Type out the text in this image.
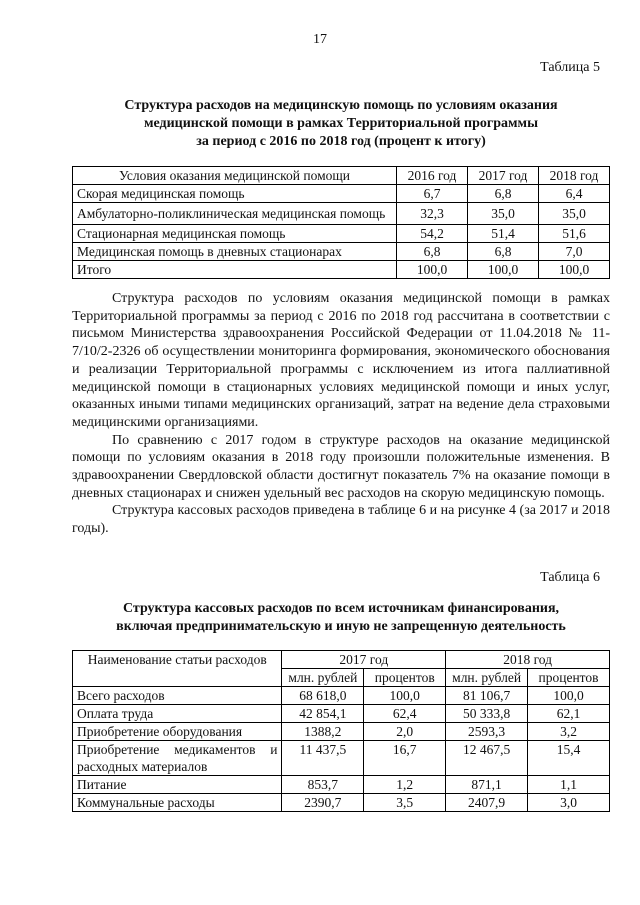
17
Таблица 5
Структура расходов на медицинскую помощь по условиям оказания
медицинской помощи в рамках Территориальной программы
за период с 2016 по 2018 год (процент к итогу)
Условия оказания медицинской помощи	2016 год	2017 год	2018 год
Скорая медицинская помощь	6,7	6,8	6,4
Амбулаторно-поликлиническая медицинская помощь	32,3	35,0	35,0
Стационарная медицинская помощь	54,2	51,4	51,6
Медицинская помощь в дневных стационарах	6,8	6,8	7,0
Итого	100,0	100,0	100,0

Структура расходов по условиям оказания медицинской помощи в рамках Территориальной программы за период с 2016 по 2018 год рассчитана в соответствии с письмом Министерства здравоохранения Российской Федерации от 11.04.2018 № 11-7/10/2-2326 об осуществлении мониторинга формирования, экономического обоснования и реализации Территориальной программы с исключением из итога паллиативной медицинской помощи в стационарных условиях медицинской помощи и иных услуг, оказанных иными типами медицинских организаций, затрат на ведение дела страховыми медицинскими организациями.

По сравнению с 2017 годом в структуре расходов на оказание медицинской помощи по условиям оказания в 2018 году произошли положительные изменения. В здравоохранении Свердловской области достигнут показатель 7% на оказание помощи в дневных стационарах и снижен удельный вес расходов на скорую медицинскую помощь.

Структура кассовых расходов приведена в таблице 6 и на рисунке 4 (за 2017 и 2018 годы).

Таблица 6
Структура кассовых расходов по всем источникам финансирования,
включая предпринимательскую и иную не запрещенную деятельность
Наименование статьи расходов	2017 год		2018 год	
	млн. рублей	процентов	млн. рублей	процентов
Всего расходов	68 618,0	100,0	81 106,7	100,0
Оплата труда	42 854,1	62,4	50 333,8	62,1
Приобретение оборудования	1388,2	2,0	2593,3	3,2
Приобретение медикаментов и расходных материалов	11 437,5	16,7	12 467,5	15,4
Питание	853,7	1,2	871,1	1,1
Коммунальные расходы	2390,7	3,5	2407,9	3,0
